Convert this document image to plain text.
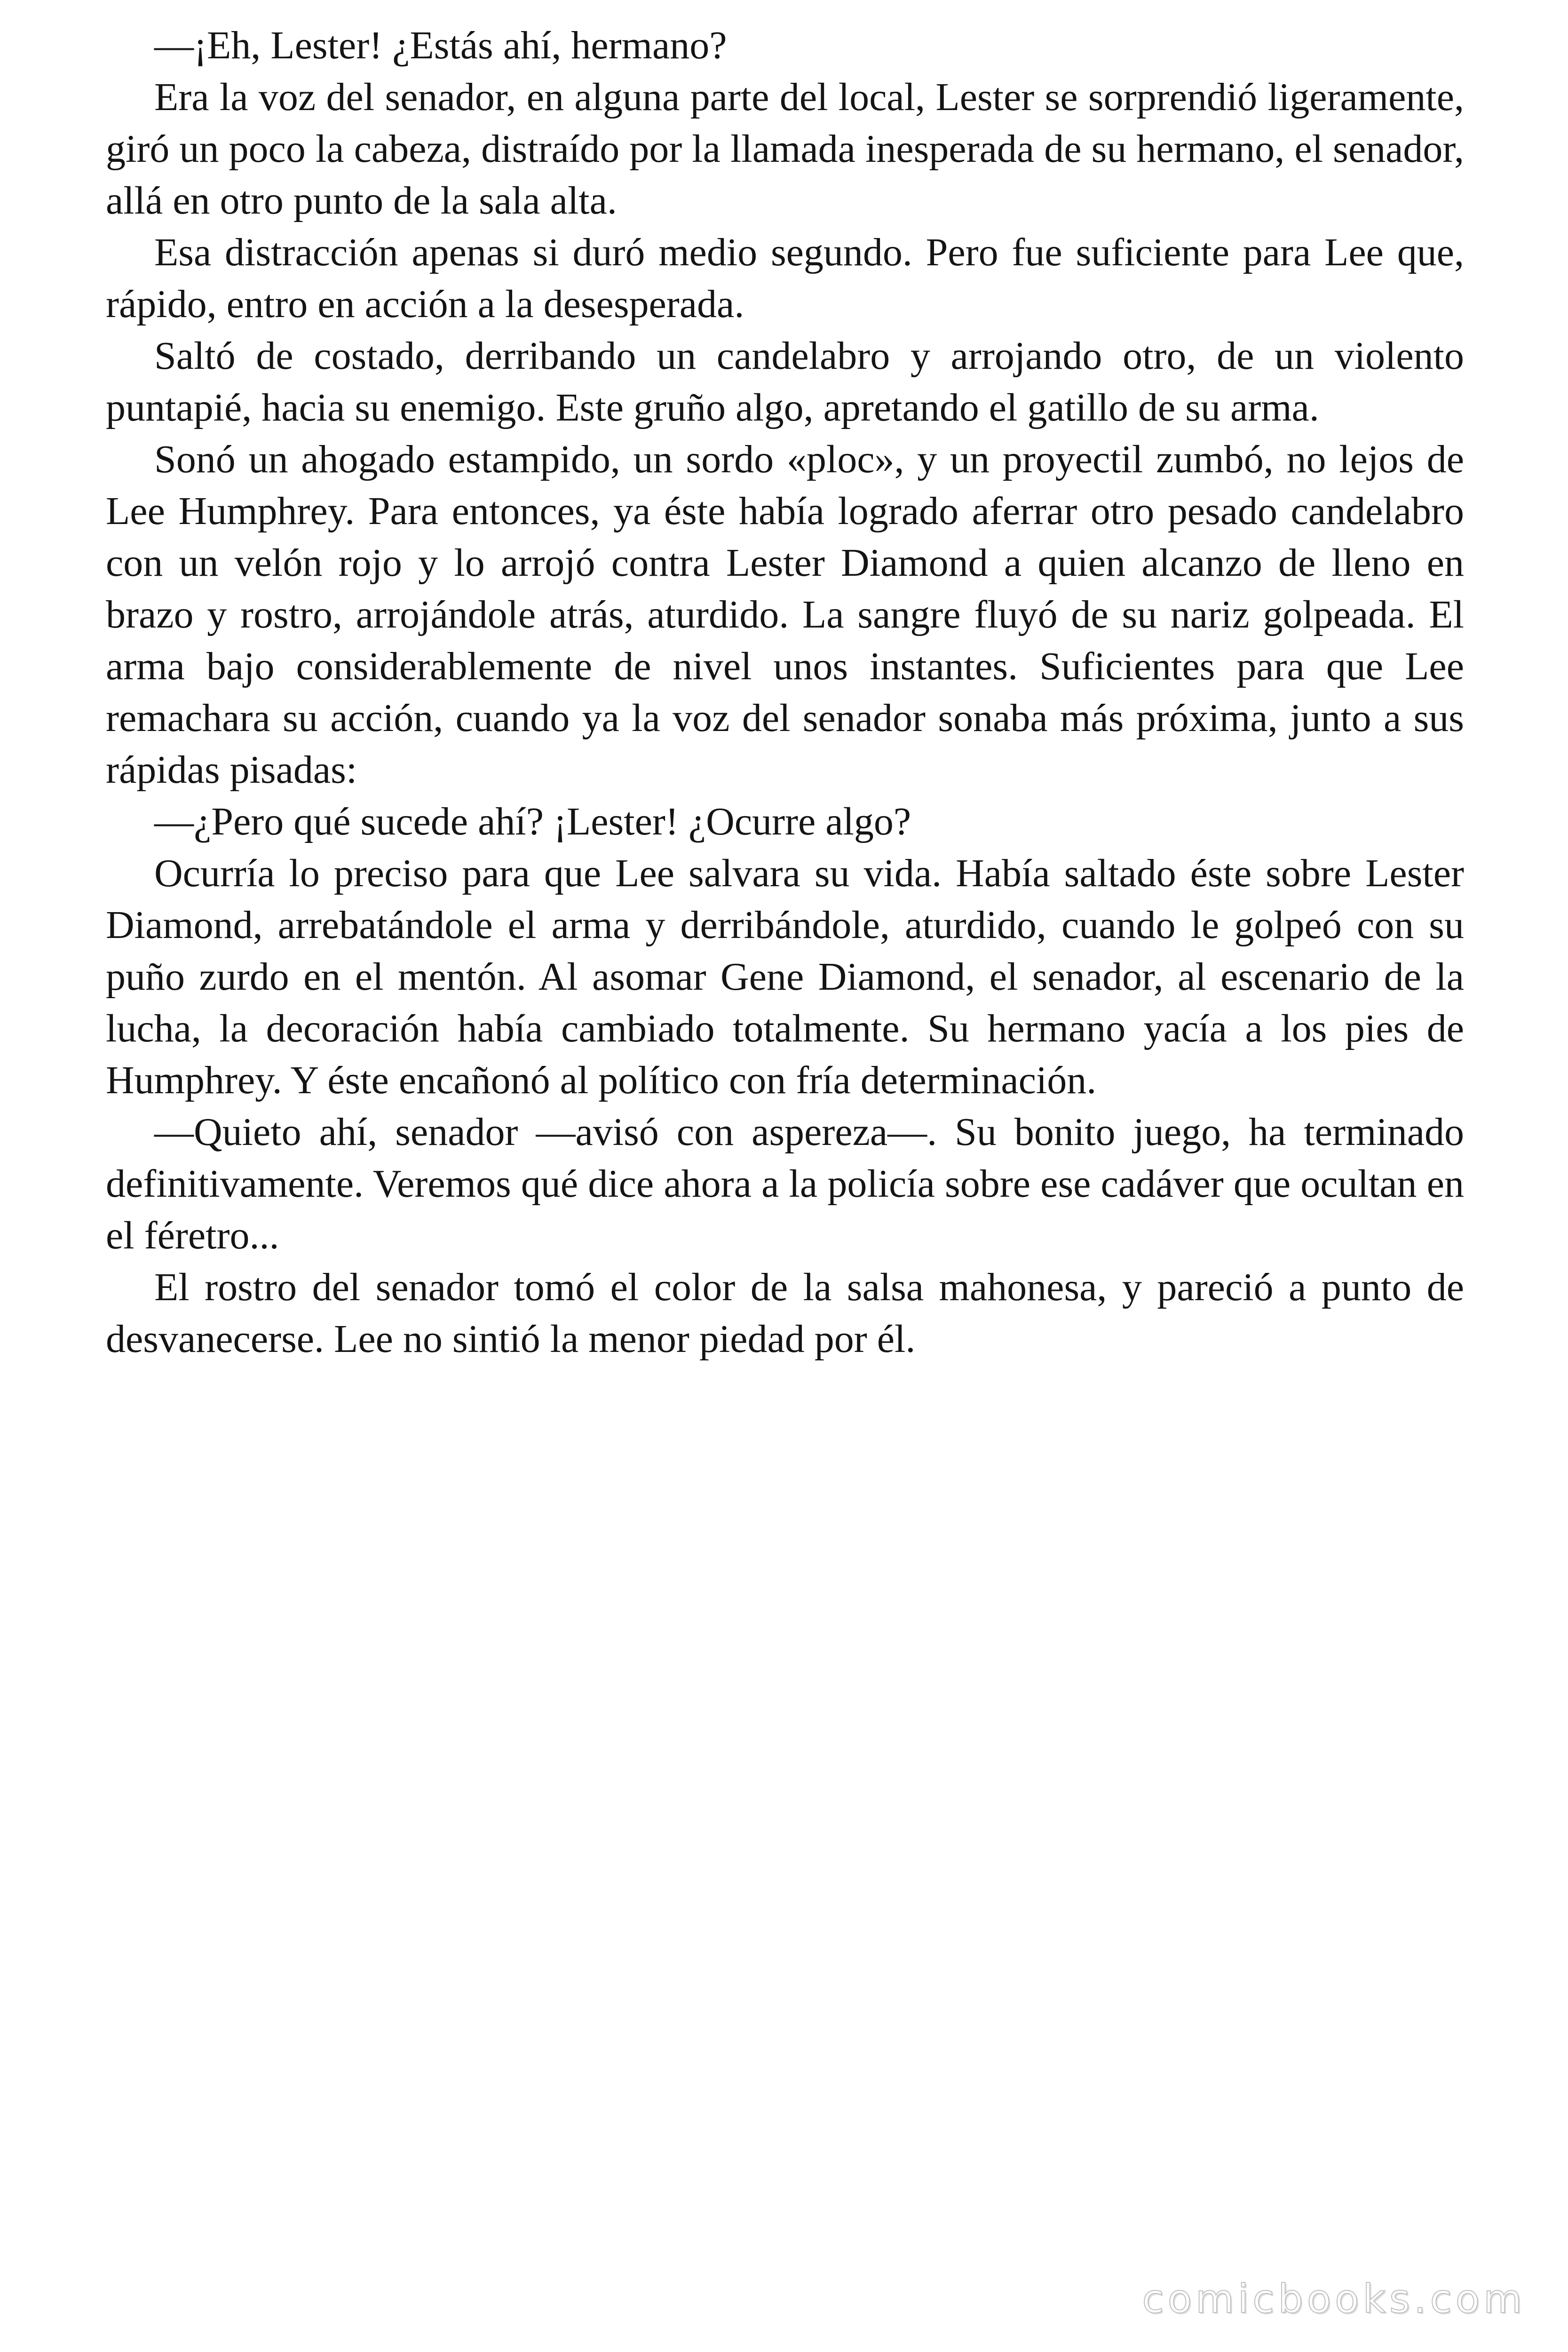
—¡Eh, Lester! ¿Estás ahí, hermano?

Era la voz del senador, en alguna parte del local, Lester se sorprendió ligeramente, giró un poco la cabeza, distraído por la llamada inesperada de su hermano, el senador, allá en otro punto de la sala alta.

Esa distracción apenas si duró medio segundo. Pero fue suficiente para Lee que, rápido, entro en acción a la desesperada.

Saltó de costado, derribando un candelabro y arrojando otro, de un violento puntapié, hacia su enemigo. Este gruño algo, apretando el gatillo de su arma.

Sonó un ahogado estampido, un sordo «ploc», y un proyectil zumbó, no lejos de Lee Humphrey. Para entonces, ya éste había logrado aferrar otro pesado candelabro con un velón rojo y lo arrojó contra Lester Diamond a quien alcanzo de lleno en brazo y rostro, arrojándole atrás, aturdido. La sangre fluyó de su nariz golpeada. El arma bajo considerablemente de nivel unos instantes. Suficientes para que Lee remachara su acción, cuando ya la voz del senador sonaba más próxima, junto a sus rápidas pisadas:

—¿Pero qué sucede ahí? ¡Lester! ¿Ocurre algo?

Ocurría lo preciso para que Lee salvara su vida. Había saltado éste sobre Lester Diamond, arrebatándole el arma y derribándole, aturdido, cuando le golpeó con su puño zurdo en el mentón. Al asomar Gene Diamond, el senador, al escenario de la lucha, la decoración había cambiado totalmente. Su hermano yacía a los pies de Humphrey. Y éste encañonó al político con fría determinación.

—Quieto ahí, senador —avisó con aspereza—. Su bonito juego, ha terminado definitivamente. Veremos qué dice ahora a la policía sobre ese cadáver que ocultan en el féretro...

El rostro del senador tomó el color de la salsa mahonesa, y pareció a punto de desvanecerse. Lee no sintió la menor piedad por él.

comicbooks.com
